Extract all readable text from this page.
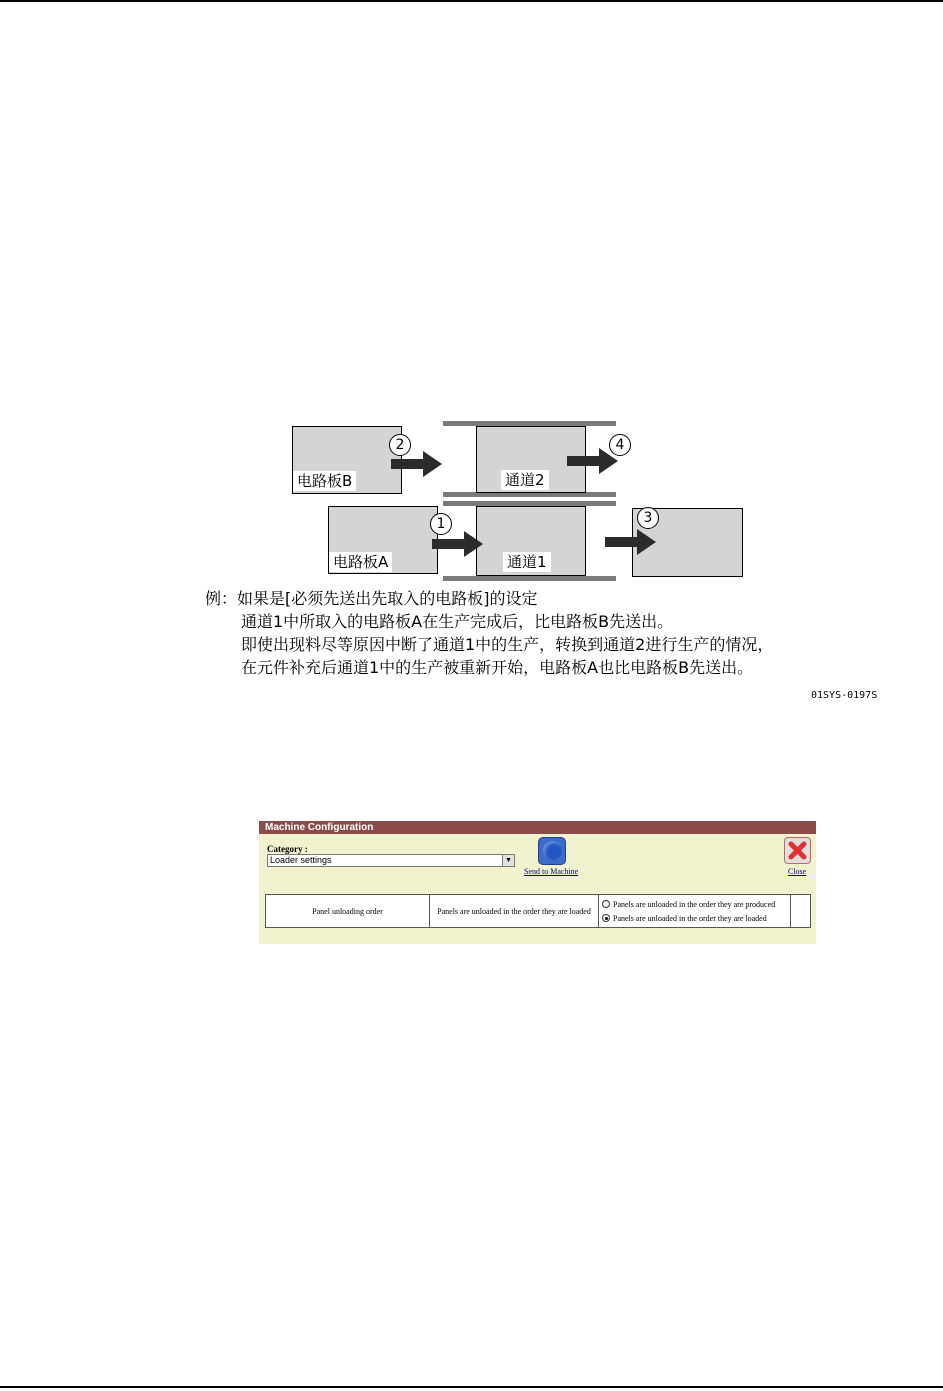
电路板B	通道2
电路板A	通道1
2	4
1	3
例：如果是[必须先送出先取入的电路板]的设定
通道1中所取入的电路板A在生产完成后，比电路板B先送出。
即使出现料尽等原因中断了通道1中的生产，转换到通道2进行生产的情况，
在元件补充后通道1中的生产被重新开始，电路板A也比电路板B先送出。
01SYS-0197S
Machine Configuration
Category :
Loader settings	▼
Send to Machine	Close
Panel unloading order	Panels are unloaded in the order they are loaded	
Panels are unloaded in the order they are produced
Panels are unloaded in the order they are loaded
